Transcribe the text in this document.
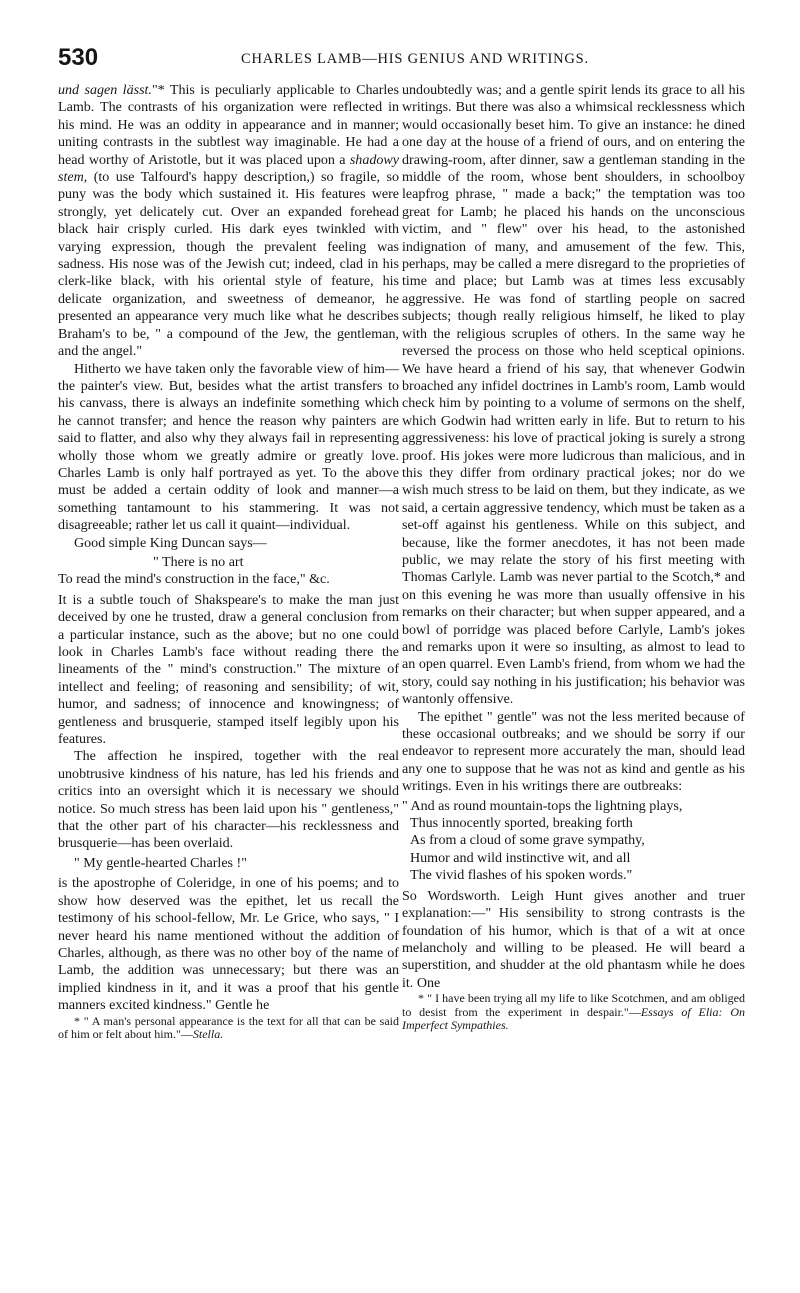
530	CHARLES LAMB—HIS GENIUS AND WRITINGS.

und sagen lässt."* This is peculiarly applicable to Charles Lamb. The contrasts of his organization were reflected in his mind. He was an oddity in appearance and in manner; uniting contrasts in the subtlest way imaginable. He had a head worthy of Aristotle, but it was placed upon a shadowy stem, (to use Talfourd's happy description,) so fragile, so puny was the body which sustained it. His features were strongly, yet delicately cut. Over an expanded forehead black hair crisply curled. His dark eyes twinkled with varying expression, though the prevalent feeling was sadness. His nose was of the Jewish cut; indeed, clad in his clerk-like black, with his oriental style of feature, his delicate organization, and sweetness of demeanor, he presented an appearance very much like what he describes Braham's to be, " a compound of the Jew, the gentleman, and the angel."

Hitherto we have taken only the favorable view of him—the painter's view. But, besides what the artist transfers to his canvass, there is always an indefinite something which he cannot transfer; and hence the reason why painters are said to flatter, and also why they always fail in representing wholly those whom we greatly admire or greatly love. Charles Lamb is only half portrayed as yet. To the above must be added a certain oddity of look and manner—a something tantamount to his stammering. It was not disagreeable; rather let us call it quaint—individual.

Good simple King Duncan says—

" There is no art
To read the mind's construction in the face," &c.

It is a subtle touch of Shakspeare's to make the man just deceived by one he trusted, draw a general conclusion from a particular instance, such as the above; but no one could look in Charles Lamb's face without reading there the lineaments of the " mind's construction." The mixture of intellect and feeling; of reasoning and sensibility; of wit, humor, and sadness; of innocence and knowingness; of gentleness and brusquerie, stamped itself legibly upon his features.

The affection he inspired, together with the real unobtrusive kindness of his nature, has led his friends and critics into an oversight which it is necessary we should notice. So much stress has been laid upon his " gentleness," that the other part of his character—his recklessness and brusquerie—has been overlaid.

" My gentle-hearted Charles !"

is the apostrophe of Coleridge, in one of his poems; and to show how deserved was the epithet, let us recall the testimony of his school-fellow, Mr. Le Grice, who says, " I never heard his name mentioned without the addition of Charles, although, as there was no other boy of the name of Lamb, the addition was unnecessary; but there was an implied kindness in it, and it was a proof that his gentle manners excited kindness." Gentle he

* " A man's personal appearance is the text for all that can be said of him or felt about him."—Stella.

undoubtedly was; and a gentle spirit lends its grace to all his writings. But there was also a whimsical recklessness which would occasionally beset him. To give an instance: he dined one day at the house of a friend of ours, and on entering the drawing-room, after dinner, saw a gentleman standing in the middle of the room, whose bent shoulders, in schoolboy leapfrog phrase, " made a back;" the temptation was too great for Lamb; he placed his hands on the unconscious victim, and " flew" over his head, to the astonished indignation of many, and amusement of the few. This, perhaps, may be called a mere disregard to the proprieties of time and place; but Lamb was at times less excusably aggressive. He was fond of startling people on sacred subjects; though really religious himself, he liked to play with the religious scruples of others. In the same way he reversed the process on those who held sceptical opinions. We have heard a friend of his say, that whenever Godwin broached any infidel doctrines in Lamb's room, Lamb would check him by pointing to a volume of sermons on the shelf, which Godwin had written early in life. But to return to his aggressiveness: his love of practical joking is surely a strong proof. His jokes were more ludicrous than malicious, and in this they differ from ordinary practical jokes; nor do we wish much stress to be laid on them, but they indicate, as we said, a certain aggressive tendency, which must be taken as a set-off against his gentleness. While on this subject, and because, like the former anecdotes, it has not been made public, we may relate the story of his first meeting with Thomas Carlyle. Lamb was never partial to the Scotch,* and on this evening he was more than usually offensive in his remarks on their character; but when supper appeared, and a bowl of porridge was placed before Carlyle, Lamb's jokes and remarks upon it were so insulting, as almost to lead to an open quarrel. Even Lamb's friend, from whom we had the story, could say nothing in his justification; his behavior was wantonly offensive.

The epithet " gentle" was not the less merited because of these occasional outbreaks; and we should be sorry if our endeavor to represent more accurately the man, should lead any one to suppose that he was not as kind and gentle as his writings. Even in his writings there are outbreaks:

" And as round mountain-tops the lightning plays,
Thus innocently sported, breaking forth
As from a cloud of some grave sympathy,
Humor and wild instinctive wit, and all
The vivid flashes of his spoken words."

So Wordsworth. Leigh Hunt gives another and truer explanation:—" His sensibility to strong contrasts is the foundation of his humor, which is that of a wit at once melancholy and willing to be pleased. He will beard a superstition, and shudder at the old phantasm while he does it. One

* " I have been trying all my life to like Scotchmen, and am obliged to desist from the experiment in despair."—Essays of Elia: On Imperfect Sympathies.
